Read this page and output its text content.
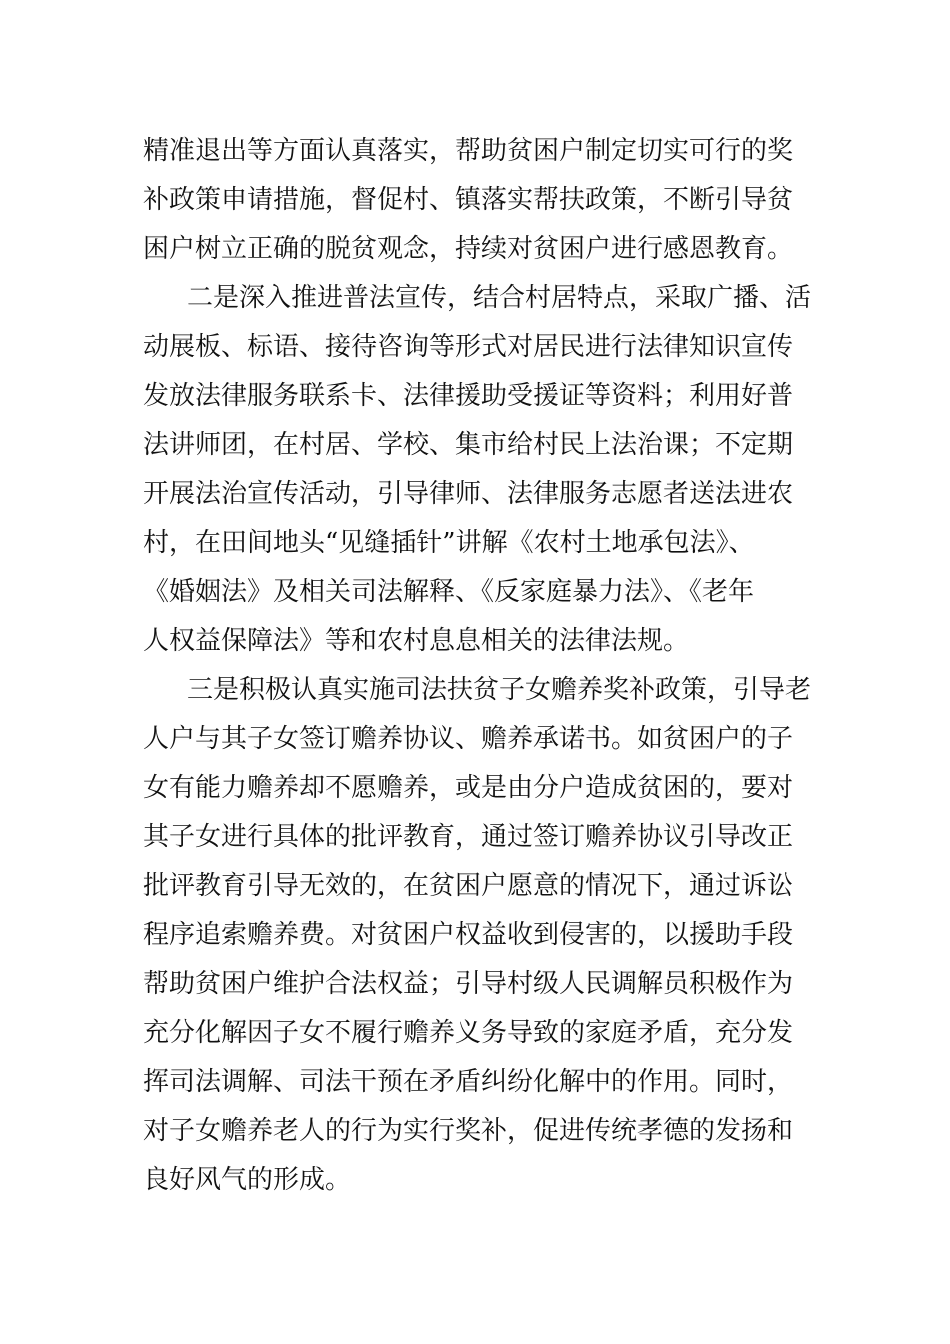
精准退出等方面认真落实，帮助贫困户制定切实可行的奖
补政策申请措施，督促村、镇落实帮扶政策，不断引导贫
困户树立正确的脱贫观念，持续对贫困户进行感恩教育。
二是深入推进普法宣传，结合村居特点，采取广播、活
动展板、标语、接待咨询等形式对居民进行法律知识宣传
发放法律服务联系卡、法律援助受援证等资料；利用好普
法讲师团，在村居、学校、集市给村民上法治课；不定期
开展法治宣传活动，引导律师、法律服务志愿者送法进农
村，在田间地头“见缝插针”讲解《农村土地承包法》、
《婚姻法》及相关司法解释、《反家庭暴力法》、《老年
人权益保障法》等和农村息息相关的法律法规。
三是积极认真实施司法扶贫子女赡养奖补政策，引导老
人户与其子女签订赡养协议、赡养承诺书。如贫困户的子
女有能力赡养却不愿赡养，或是由分户造成贫困的，要对
其子女进行具体的批评教育，通过签订赡养协议引导改正
批评教育引导无效的，在贫困户愿意的情况下，通过诉讼
程序追索赡养费。对贫困户权益收到侵害的，以援助手段
帮助贫困户维护合法权益；引导村级人民调解员积极作为
充分化解因子女不履行赡养义务导致的家庭矛盾，充分发
挥司法调解、司法干预在矛盾纠纷化解中的作用。同时，
对子女赡养老人的行为实行奖补，促进传统孝德的发扬和
良好风气的形成。
